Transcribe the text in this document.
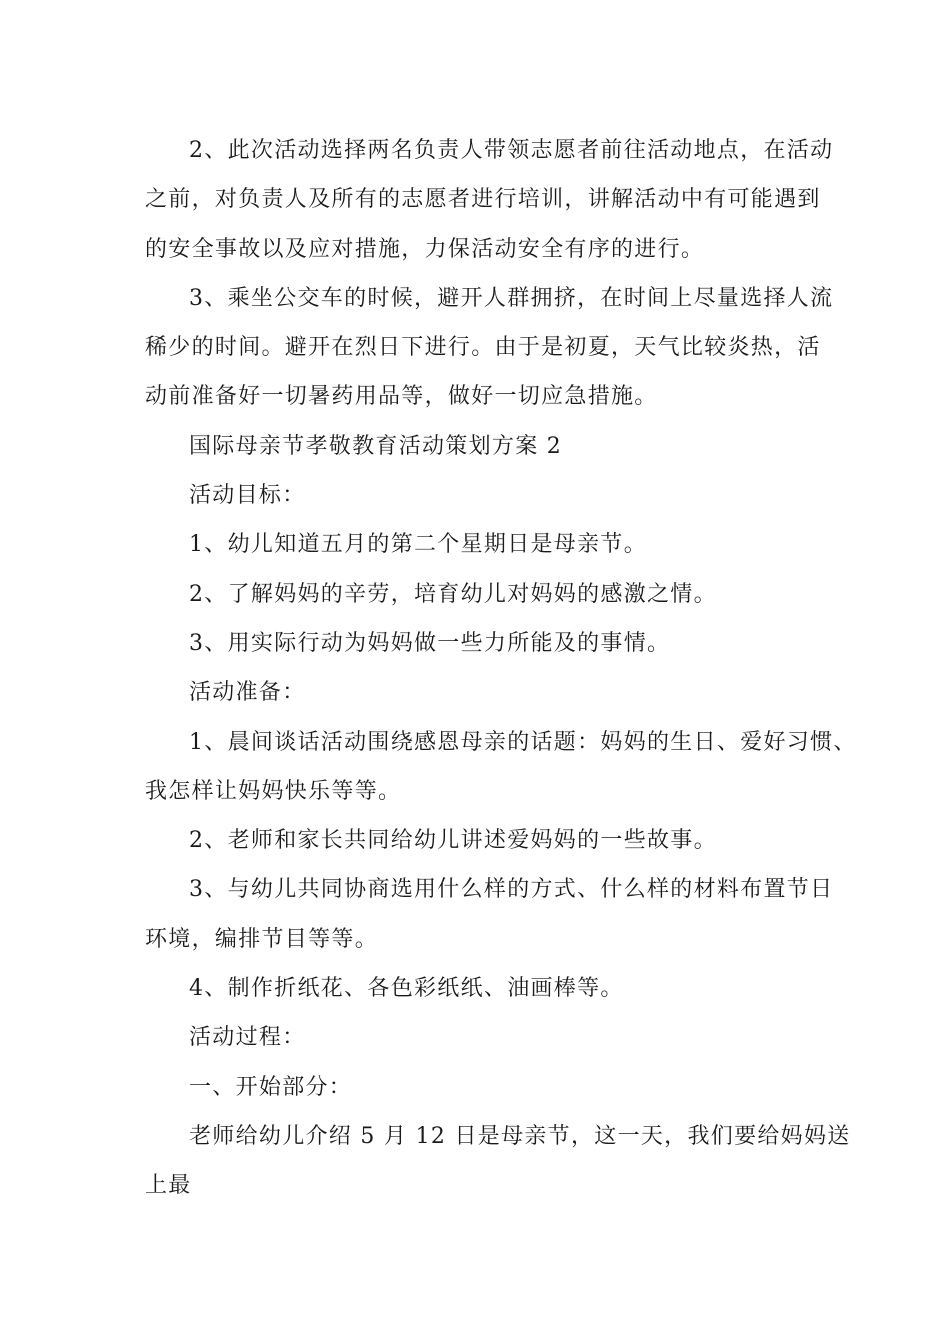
2、此次活动选择两名负责人带领志愿者前往活动地点，在活动
之前，对负责人及所有的志愿者进行培训，讲解活动中有可能遇到
的安全事故以及应对措施，力保活动安全有序的进行。

3、乘坐公交车的时候，避开人群拥挤，在时间上尽量选择人流
稀少的时间。避开在烈日下进行。由于是初夏，天气比较炎热，活
动前准备好一切暑药用品等，做好一切应急措施。

国际母亲节孝敬教育活动策划方案 2

活动目标：

1、幼儿知道五月的第二个星期日是母亲节。

2、了解妈妈的辛劳，培育幼儿对妈妈的感激之情。

3、用实际行动为妈妈做一些力所能及的事情。

活动准备：

1、晨间谈话活动围绕感恩母亲的话题：妈妈的生日、爱好习惯、
我怎样让妈妈快乐等等。

2、老师和家长共同给幼儿讲述爱妈妈的一些故事。

3、与幼儿共同协商选用什么样的方式、什么样的材料布置节日
环境，编排节目等等。

4、制作折纸花、各色彩纸纸、油画棒等。

活动过程：

一、开始部分：

老师给幼儿介绍 5 月 12 日是母亲节，这一天，我们要给妈妈送
上最
